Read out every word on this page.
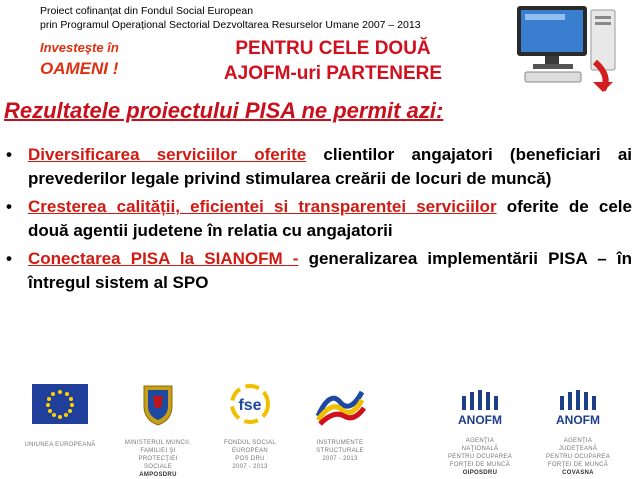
Proiect cofinanțat din Fondul Social European
prin Programul Operațional Sectorial Dezvoltarea Resurselor Umane 2007 – 2013
Investeşte în
OAMENI !
PENTRU CELE DOUĂ
AJOFM-uri PARTENERE
Rezultatele proiectului PISA ne permit azi:
• Diversificarea serviciilor oferite clientilor angajatori (beneficiari ai prevederilor legale privind stimularea creării de locuri de muncă)
• Cresterea calității, eficientei si transparentei serviciilor oferite de cele două agentii judetene în relatia cu angajatorii
• Conectarea PISA la SIANOFM - generalizarea implementării PISA – în întregul sistem al SPO
UNIUNEA EUROPEANĂ	MINISTERUL MUNCII,
FAMILIEI ŞI
PROTECŢIEI
SOCIALE
AMPOSDRU
fse
FONDUL SOCIAL
EUROPEAN
POS DRU
2007 - 2013
INSTRUMENTE
STRUCTURALE
2007 - 2013
ANOFM
AGENŢIA
NAŢIONALĂ
PENTRU OCUPAREA
FORŢEI DE MUNCĂ
OIPOSDRU
ANOFM
AGENŢIA
JUDEŢEANĂ
PENTRU OCUPAREA
FORŢEI DE MUNCĂ
COVASNA
